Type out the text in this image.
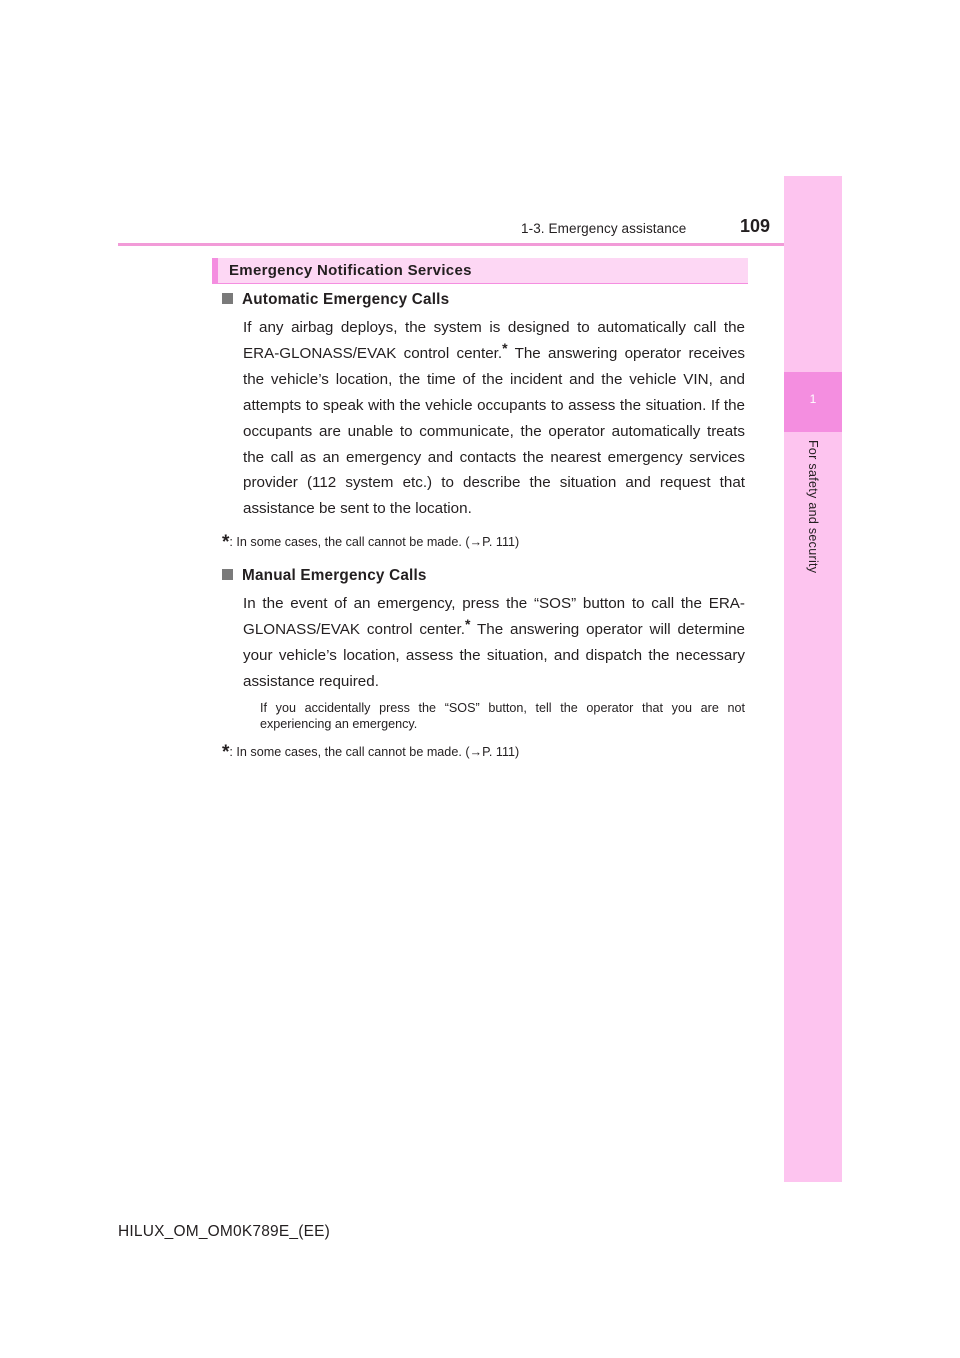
1-3. Emergency assistance	109
1
For safety and security
Emergency Notification Services
Automatic Emergency Calls
If any airbag deploys, the system is designed to automatically call the ERA-GLONASS/EVAK control center.* The answering operator receives the vehicle’s location, the time of the incident and the vehicle VIN, and attempts to speak with the vehicle occupants to assess the situation. If the occupants are unable to communicate, the operator automatically treats the call as an emergency and contacts the nearest emergency services provider (112 system etc.) to describe the situation and request that assistance be sent to the location.
*: In some cases, the call cannot be made. (→P. 111)
Manual Emergency Calls
In the event of an emergency, press the “SOS” button to call the ERA-GLONASS/EVAK control center.* The answering operator will determine your vehicle’s location, assess the situation, and dispatch the necessary assistance required.
If you accidentally press the “SOS” button, tell the operator that you are not experiencing an emergency.
*: In some cases, the call cannot be made. (→P. 111)
HILUX_OM_OM0K789E_(EE)
